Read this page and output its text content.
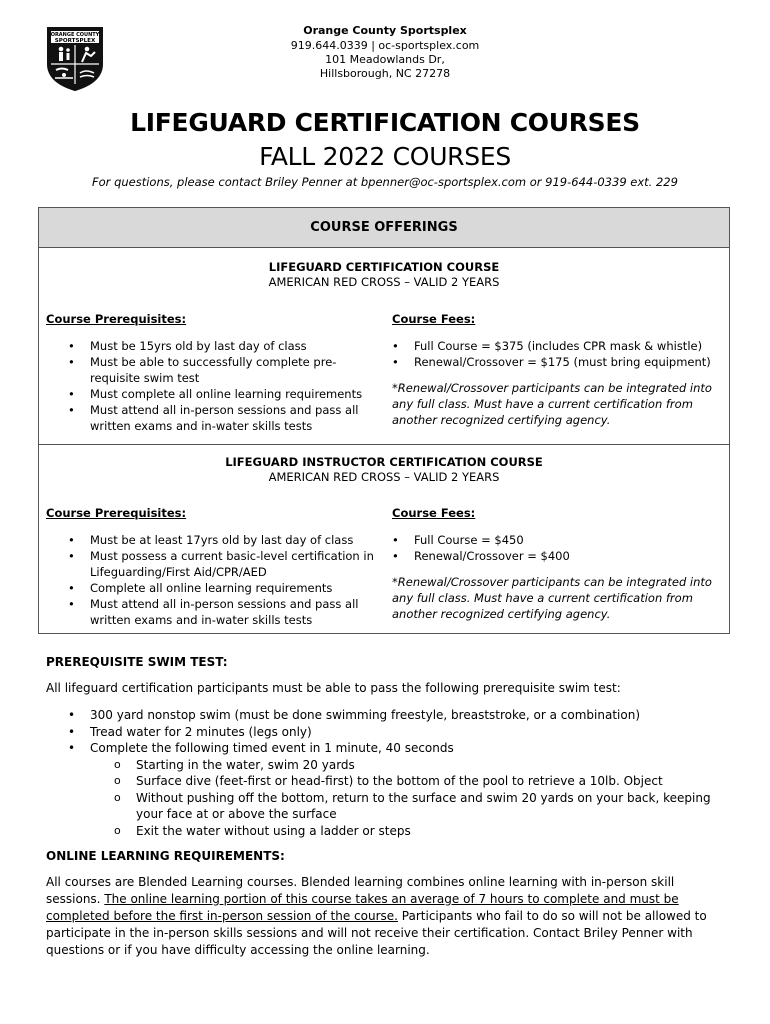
ORANGE COUNTY
SPORTSPLEX
Orange County Sportsplex
919.644.0339 | oc-sportsplex.com
101 Meadowlands Dr,
Hillsborough, NC 27278
LIFEGUARD CERTIFICATION COURSES
FALL 2022 COURSES
For questions, please contact Briley Penner at bpenner@oc-sportsplex.com or 919-644-0339 ext. 229
COURSE OFFERINGS
LIFEGUARD CERTIFICATION COURSE
AMERICAN RED CROSS – VALID 2 YEARS
Course Prerequisites:
• Must be 15yrs old by last day of class
• Must be able to successfully complete pre-requisite swim test
• Must complete all online learning requirements
• Must attend all in-person sessions and pass all written exams and in-water skills tests
Course Fees:
• Full Course = $375 (includes CPR mask & whistle)
• Renewal/Crossover = $175 (must bring equipment)
*Renewal/Crossover participants can be integrated into any full class. Must have a current certification from another recognized certifying agency.
LIFEGUARD INSTRUCTOR CERTIFICATION COURSE
AMERICAN RED CROSS – VALID 2 YEARS
Course Prerequisites:
• Must be at least 17yrs old by last day of class
• Must possess a current basic-level certification in Lifeguarding/First Aid/CPR/AED
• Complete all online learning requirements
• Must attend all in-person sessions and pass all written exams and in-water skills tests
Course Fees:
• Full Course = $450
• Renewal/Crossover = $400
*Renewal/Crossover participants can be integrated into any full class. Must have a current certification from another recognized certifying agency.
PREREQUISITE SWIM TEST:
All lifeguard certification participants must be able to pass the following prerequisite swim test:
• 300 yard nonstop swim (must be done swimming freestyle, breaststroke, or a combination)
• Tread water for 2 minutes (legs only)
• Complete the following timed event in 1 minute, 40 seconds
o Starting in the water, swim 20 yards
o Surface dive (feet-first or head-first) to the bottom of the pool to retrieve a 10lb. Object
o Without pushing off the bottom, return to the surface and swim 20 yards on your back, keeping your face at or above the surface
o Exit the water without using a ladder or steps
ONLINE LEARNING REQUIREMENTS:
All courses are Blended Learning courses. Blended learning combines online learning with in-person skill sessions. The online learning portion of this course takes an average of 7 hours to complete and must be completed before the first in-person session of the course. Participants who fail to do so will not be allowed to participate in the in-person skills sessions and will not receive their certification. Contact Briley Penner with questions or if you have difficulty accessing the online learning.
